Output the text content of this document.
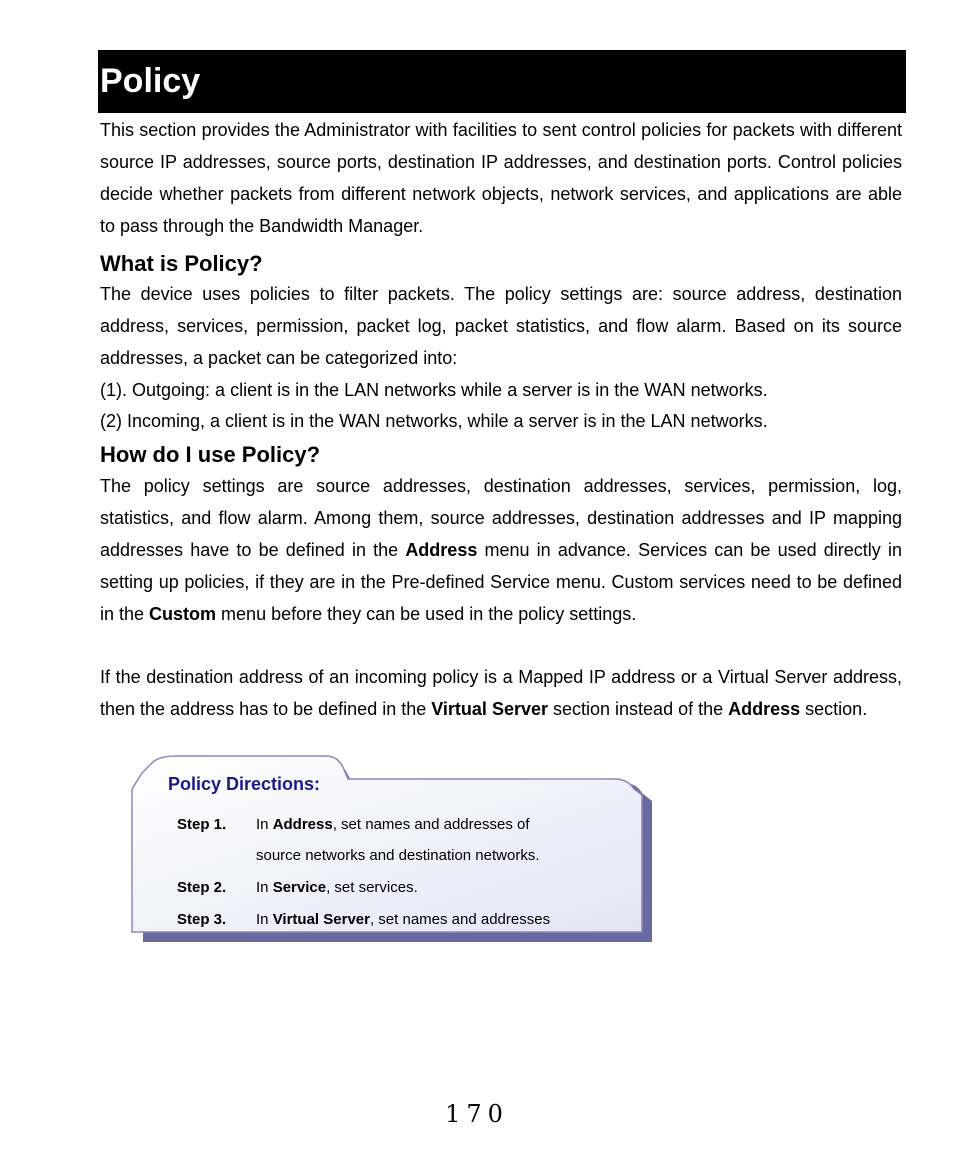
Policy

This section provides the Administrator with facilities to sent control policies for packets with different source IP addresses, source ports, destination IP addresses, and destination ports. Control policies decide whether packets from different network objects, network services, and applications are able to pass through the Bandwidth Manager.

What is Policy?

The device uses policies to filter packets. The policy settings are: source address, destination address, services, permission, packet log, packet statistics, and flow alarm. Based on its source addresses, a packet can be categorized into:

(1). Outgoing: a client is in the LAN networks while a server is in the WAN networks.

(2) Incoming, a client is in the WAN networks, while a server is in the LAN networks.

How do I use Policy?

The policy settings are source addresses, destination addresses, services, permission, log, statistics, and flow alarm. Among them, source addresses, destination addresses and IP mapping addresses have to be defined in the Address menu in advance. Services can be used directly in setting up policies, if they are in the Pre-defined Service menu. Custom services need to be defined in the Custom menu before they can be used in the policy settings.

If the destination address of an incoming policy is a Mapped IP address or a Virtual Server address, then the address has to be defined in the Virtual Server section instead of the Address section.

Policy Directions:
Step 1. In Address, set names and addresses of
source networks and destination networks.
Step 2. In Service, set services.
Step 3. In Virtual Server, set names and addresses
170
